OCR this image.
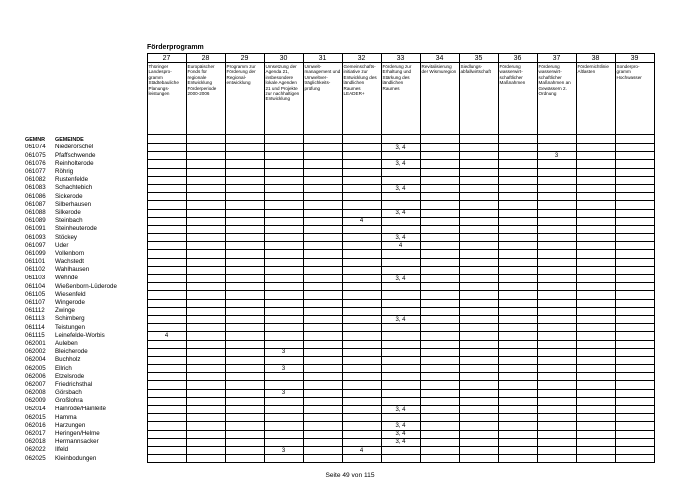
Förderprogramm
		27	28	29	30	31	32	33	34	35	36	37	38	39
		Thüringer Landespro- gramm Städtebauliche Planungs- leistungen	Europäischer Fonds für regionale Entwicklung Förderperiode 2000-2006	Programm zur Förderung der Regional- entwicklung	Umsetzung der Agenda 21, insbesondere lokale Agenden 21 und Projekte zur nachhaltigen Entwicklung	Umwelt- management und Umweltver- träglichkeits- prüfung	Gemeinschafts- initiative zur Entwicklung des ländlichen Raumes LEADER+	Förderung zur Erhaltung und Stärkung des ländlichen Raumes	Revitalisierung der Wismuregion	Siedlungs- abfallwirtschaft	Förderung wasserwirt- schaftlicher Maßnahmen	Förderung wasserwirt- schaftlicher Maßnahmen an Gewässern 2. Ordnung	Fördernichtlinie Altlasten	Sonderpro- gramm Hochwasser
GEMNR	GEMEINDE													
061074	Niederorschel							3, 4						
061075	Pfaffschwende											3		
061076	Reinholterode							3, 4						
061077	Röhrig													
061082	Rustenfelde													
061083	Schachtebich							3, 4						
061086	Sickerode													
061087	Silberhausen													
061088	Silkerode							3, 4						
061089	Steinbach						4							
061091	Steinheuterode													
061093	Stöckey							3, 4						
061097	Uder							4						
061099	Vollenborn													
061101	Wachstedt													
061102	Wahlhausen													
061103	Wehnde							3, 4						
061104	Wießenborn-Lüderode													
061105	Wiesenfeld													
061107	Wingerode													
061112	Zwinge													
061113	Schimberg							3, 4						
061114	Teistungen													
061115	Leinefelde-Worbis	4												
062001	Auleben													
062002	Bleicherode				3									
062004	Buchholz													
062005	Ellrich				3									
062006	Etzelsrode													
062007	Friedrichsthal													
062008	Görsbach				3									
062009	Großlohra													
062014	Hainrode/Hainleite							3, 4						
062015	Hamma													
062016	Harzungen							3, 4						
062017	Heringen/Helme							3, 4						
062018	Hermannsacker							3, 4						
062022	Ilfeld				3		4							
062025	Kleinbodungen													
Seite 49 von 115
